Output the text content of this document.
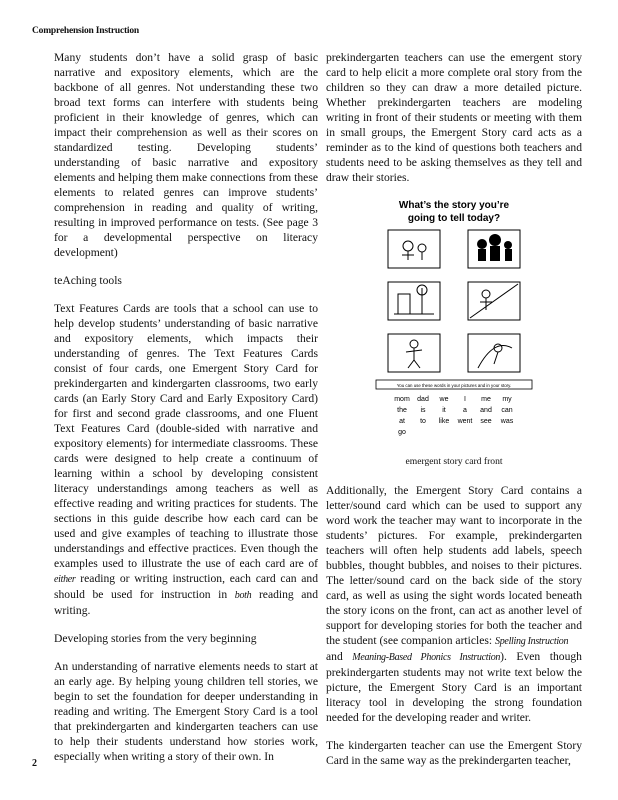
Comprehension Instruction

Many students don’t have a solid grasp of basic narrative and expository elements, which are the backbone of all genres. Not understanding these two broad text forms can interfere with students being proficient in their knowledge of genres, which can impact their comprehension as well as their scores on standardized testing. Developing students’ understanding of basic narrative and expository elements and helping them make connections from these elements to related genres can improve students’ comprehension in reading and quality of writing, resulting in improved performance on tests. (See page 3 for a developmental perspective on literacy development)

teAching tools

Text Features Cards are tools that a school can use to help develop students’ understanding of basic narrative and expository elements, which impacts their understanding of genres. The Text Features Cards consist of four cards, one Emergent Story Card for prekindergarten and kindergarten classrooms, two early cards (an Early Story Card and Early Expository Card) for first and second grade classrooms, and one Fluent Text Features Card (double-sided with narrative and expository elements) for intermediate classrooms. These cards were designed to help create a continuum of learning within a school by developing consistent literacy understandings among teachers as well as effective reading and writing practices for students. The sections in this guide describe how each card can be used and give examples of teaching to illustrate those understandings and effective practices. Even though the examples used to illustrate the use of each card are of either reading or writing instruction, each card can and should be used for instruction in both reading and writing.

Developing stories from the very beginning

An understanding of narrative elements needs to start at an early age. By helping young children tell stories, we begin to set the foundation for deeper understanding in reading and writing. The Emergent Story Card is a tool that prekindergarten and kindergarten teachers can use to help their students understand how stories work, especially when writing a story of their own. In

prekindergarten teachers can use the emergent story card to help elicit a more complete oral story from the children so they can draw a more detailed picture. Whether prekindergarten teachers are modeling writing in front of their students or meeting with them in small groups, the Emergent Story card acts as a reminder as to the kind of questions both teachers and students need to be asking themselves as they tell and draw their stories.

What’s the story you’re
going to tell today?
You can use these words in your pictures and in your story.
mom dad we I me my
the is it a and can
at to like went see was
go
emergent story card front

Additionally, the Emergent Story Card contains a letter/sound card which can be used to support any word work the teacher may want to incorporate in the students’ pictures. For example, prekindergarten teachers will often help students add labels, speech bubbles, thought bubbles, and noises to their pictures. The letter/sound card on the back side of the story card, as well as using the sight words located beneath the story icons on the front, can act as another level of support for developing stories for both the teacher and the student (see companion articles: Spelling Instruction
and Meaning-Based Phonics Instruction). Even though prekindergarten students may not write text below the picture, the Emergent Story Card is an important literacy tool in developing the strong foundation needed for the developing reader and writer.

The kindergarten teacher can use the Emergent Story Card in the same way as the prekindergarten teacher,

2
